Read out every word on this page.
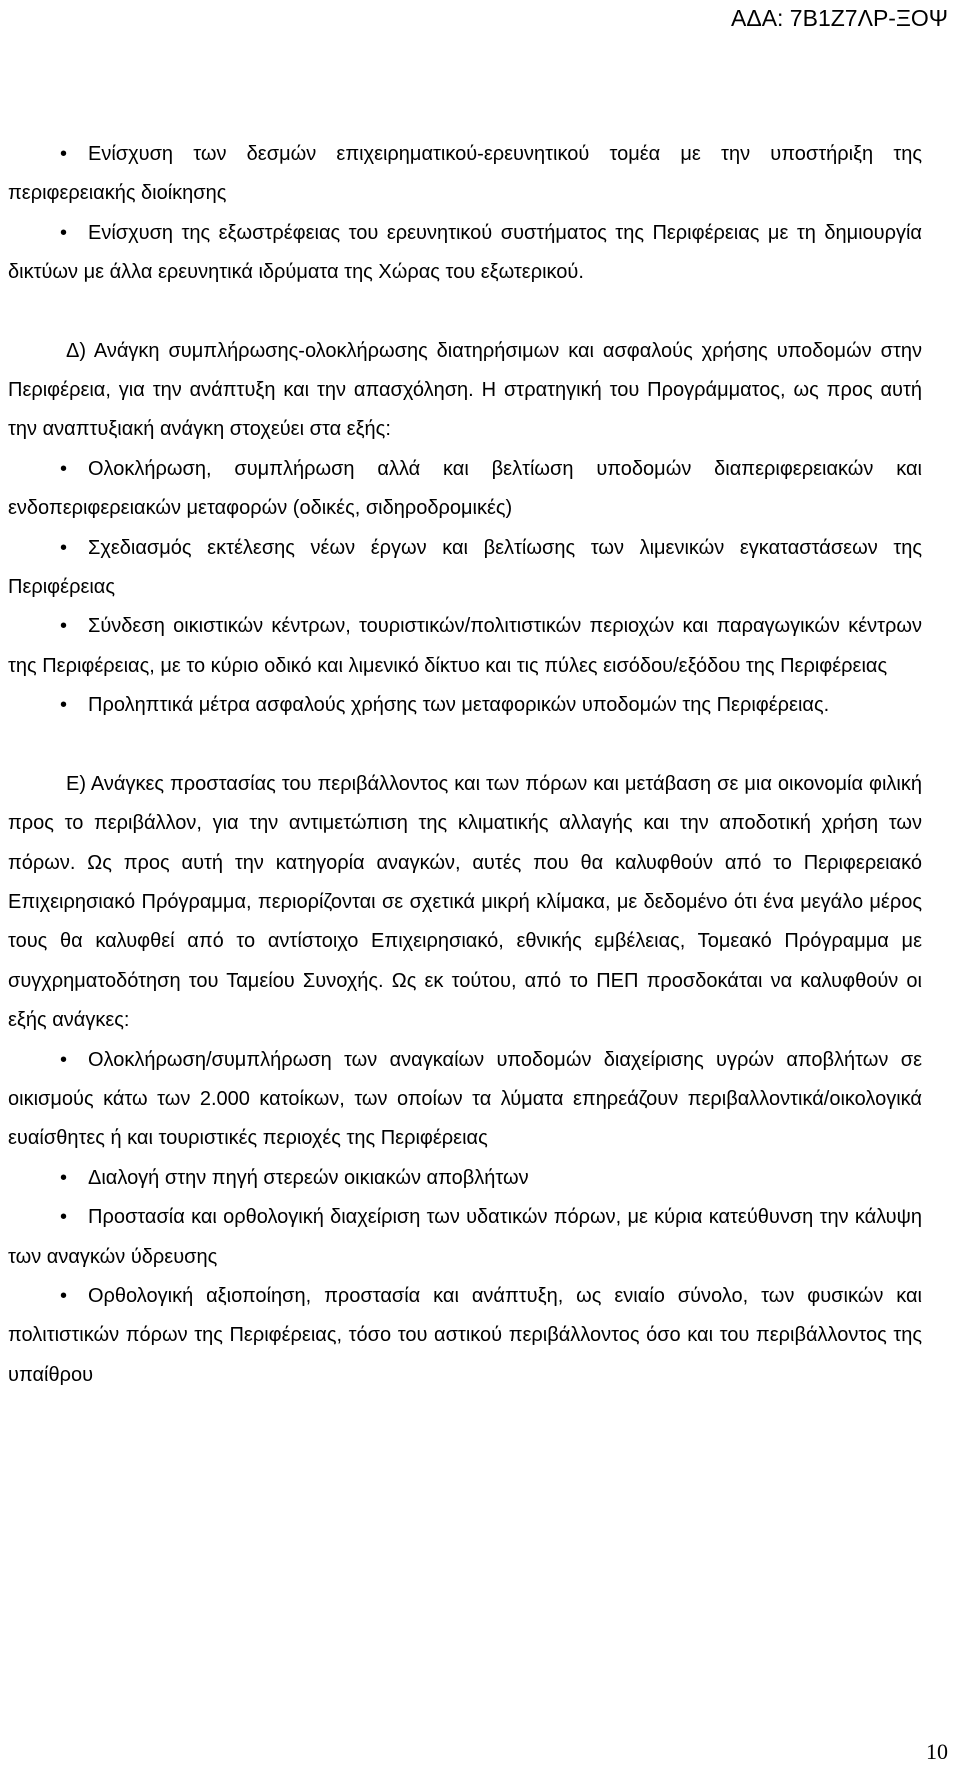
ΑΔΑ: 7Β1Ζ7ΛΡ-ΞΟΨ
• Ενίσχυση των δεσμών επιχειρηματικού-ερευνητικού τομέα με την υποστήριξη της περιφερειακής διοίκησης
• Ενίσχυση της εξωστρέφειας του ερευνητικού συστήματος της Περιφέρειας με τη δημιουργία δικτύων με άλλα ερευνητικά ιδρύματα της Χώρας του εξωτερικού.
Δ) Ανάγκη συμπλήρωσης-ολοκλήρωσης διατηρήσιμων και ασφαλούς χρήσης υποδομών στην Περιφέρεια, για την ανάπτυξη και την απασχόληση. Η στρατηγική του Προγράμματος, ως προς αυτή την αναπτυξιακή ανάγκη στοχεύει στα εξής:
• Ολοκλήρωση, συμπλήρωση αλλά και βελτίωση υποδομών διαπεριφερειακών και ενδοπεριφερειακών μεταφορών (οδικές, σιδηροδρομικές)
• Σχεδιασμός εκτέλεσης νέων έργων και βελτίωσης των λιμενικών εγκαταστάσεων της Περιφέρειας
• Σύνδεση οικιστικών κέντρων, τουριστικών/πολιτιστικών περιοχών και παραγωγικών κέντρων της Περιφέρειας, με το κύριο οδικό και λιμενικό δίκτυο και τις πύλες εισόδου/εξόδου της Περιφέρειας
• Προληπτικά μέτρα ασφαλούς χρήσης των μεταφορικών υποδομών της Περιφέρειας.
Ε) Ανάγκες προστασίας του περιβάλλοντος και των πόρων και μετάβαση σε μια οικονομία φιλική προς το περιβάλλον, για την αντιμετώπιση της κλιματικής αλλαγής και την αποδοτική χρήση των πόρων. Ως προς αυτή την κατηγορία αναγκών, αυτές που θα καλυφθούν από το Περιφερειακό Επιχειρησιακό Πρόγραμμα, περιορίζονται σε σχετικά μικρή κλίμακα, με δεδομένο ότι ένα μεγάλο μέρος τους θα καλυφθεί από το αντίστοιχο Επιχειρησιακό, εθνικής εμβέλειας, Τομεακό Πρόγραμμα με συγχρηματοδότηση του Ταμείου Συνοχής. Ως εκ τούτου, από το ΠΕΠ προσδοκάται να καλυφθούν οι εξής ανάγκες:
• Ολοκλήρωση/συμπλήρωση των αναγκαίων υποδομών διαχείρισης υγρών αποβλήτων σε οικισμούς κάτω των 2.000 κατοίκων, των οποίων τα λύματα επηρεάζουν περιβαλλοντικά/οικολογικά ευαίσθητες ή και τουριστικές περιοχές της Περιφέρειας
• Διαλογή στην πηγή στερεών οικιακών αποβλήτων
• Προστασία και ορθολογική διαχείριση των υδατικών πόρων, με κύρια κατεύθυνση την κάλυψη των αναγκών ύδρευσης
• Ορθολογική αξιοποίηση, προστασία και ανάπτυξη, ως ενιαίο σύνολο, των φυσικών και πολιτιστικών πόρων της Περιφέρειας, τόσο του αστικού περιβάλλοντος όσο και του περιβάλλοντος της υπαίθρου
10
